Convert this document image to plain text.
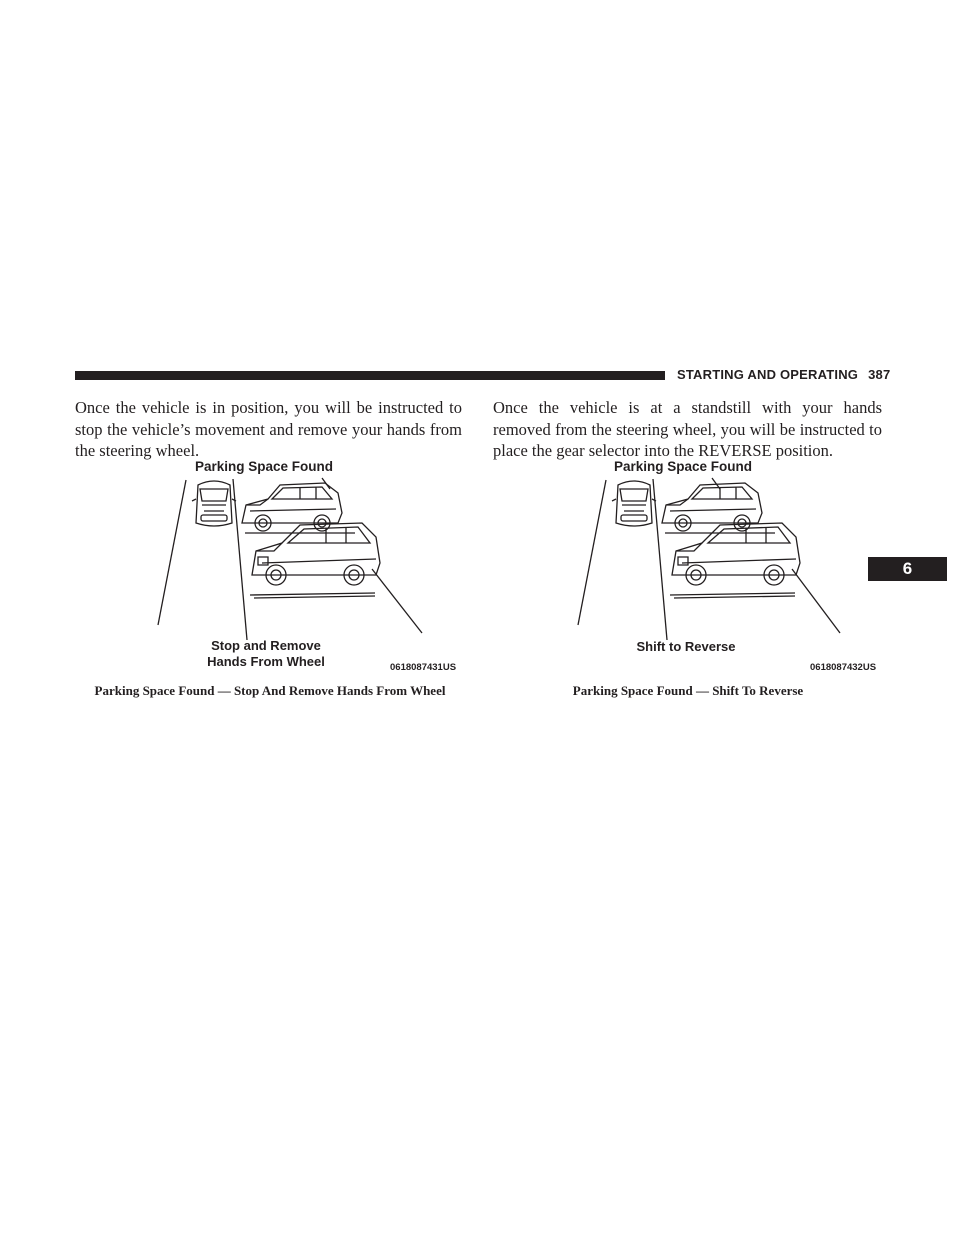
STARTING AND OPERATING 387
6

Once the vehicle is in position, you will be instructed to stop the vehicle’s movement and remove your hands from the steering wheel.

Once the vehicle is at a standstill with your hands removed from the steering wheel, you will be instructed to place the gear selector into the REVERSE position.

Parking Space Found
Stop and Remove
Hands From Wheel	0618087431US
Parking Space Found
Shift to Reverse
0618087432US
Parking Space Found — Stop And Remove Hands From Wheel	Parking Space Found — Shift To Reverse
